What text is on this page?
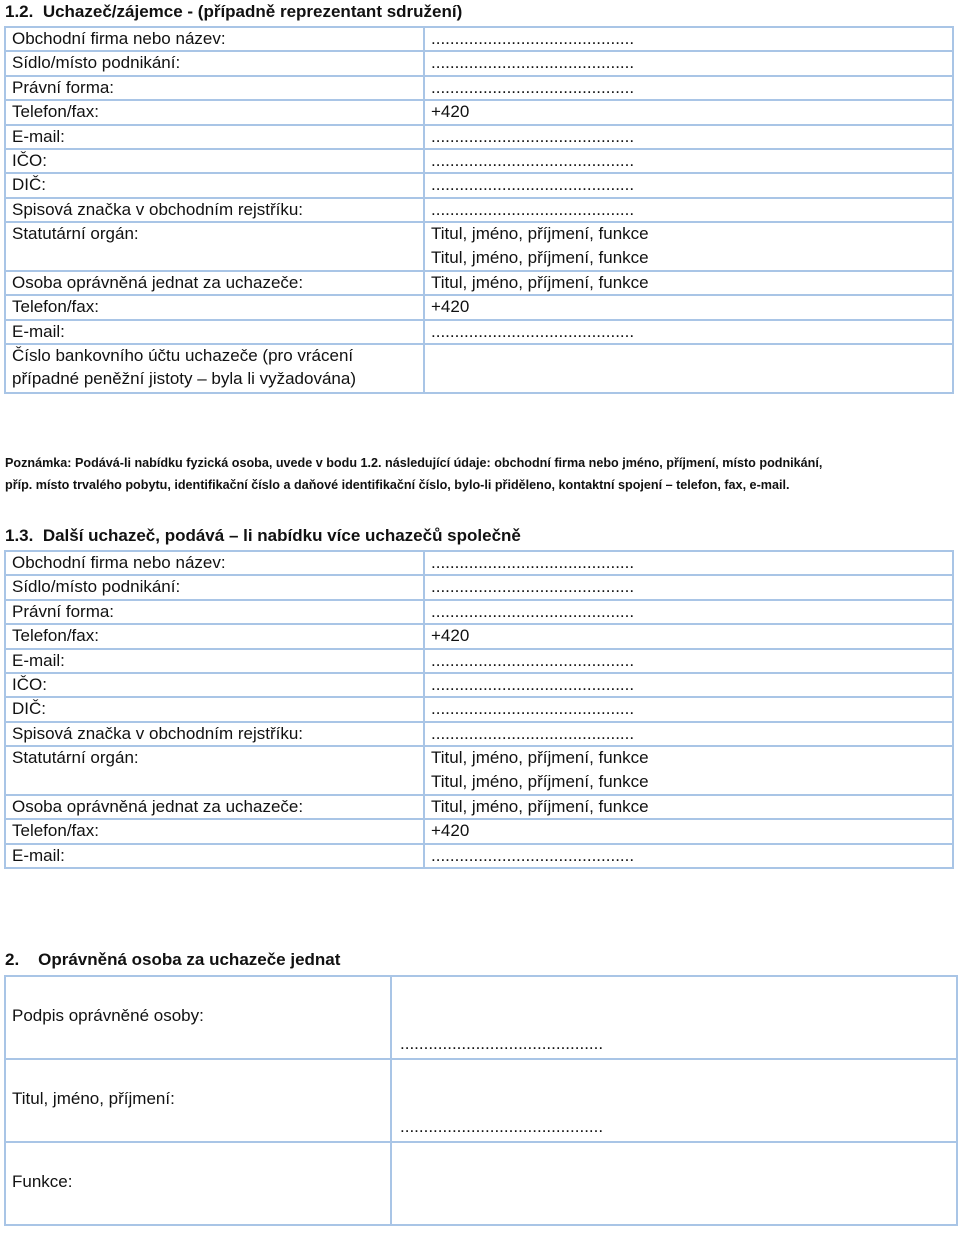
1.2. Uchazeč/zájemce - (případně reprezentant sdružení)
Obchodní firma nebo název:	...........................................
Sídlo/místo podnikání:	...........................................
Právní forma:	...........................................
Telefon/fax:	+420
E-mail:	...........................................
IČO:	...........................................
DIČ:	...........................................
Spisová značka v obchodním rejstříku:	...........................................
Statutární orgán:	Titul, jméno, příjmení, funkce
	Titul, jméno, příjmení, funkce
Osoba oprávněná jednat za uchazeče:	Titul, jméno, příjmení, funkce
Telefon/fax:	+420
E-mail:	...........................................
Číslo bankovního účtu uchazeče (pro vrácení	
případné peněžní jistoty – byla li vyžadována)	
Poznámka: Podává-li nabídku fyzická osoba, uvede v bodu 1.2. následující údaje: obchodní firma nebo jméno, příjmení, místo podnikání,
příp. místo trvalého pobytu, identifikační číslo a daňové identifikační číslo, bylo-li přiděleno, kontaktní spojení – telefon, fax, e-mail.
1.3. Další uchazeč, podává – li nabídku více uchazečů společně
Obchodní firma nebo název:	...........................................
Sídlo/místo podnikání:	...........................................
Právní forma:	...........................................
Telefon/fax:	+420
E-mail:	...........................................
IČO:	...........................................
DIČ:	...........................................
Spisová značka v obchodním rejstříku:	...........................................
Statutární orgán:	Titul, jméno, příjmení, funkce
	Titul, jméno, příjmení, funkce
Osoba oprávněná jednat za uchazeče:	Titul, jméno, příjmení, funkce
Telefon/fax:	+420
E-mail:	...........................................
2. Oprávněná osoba za uchazeče jednat
Podpis oprávněné osoby:	...........................................

Titul, jméno, příjmení:	...........................................

Funkce:	
